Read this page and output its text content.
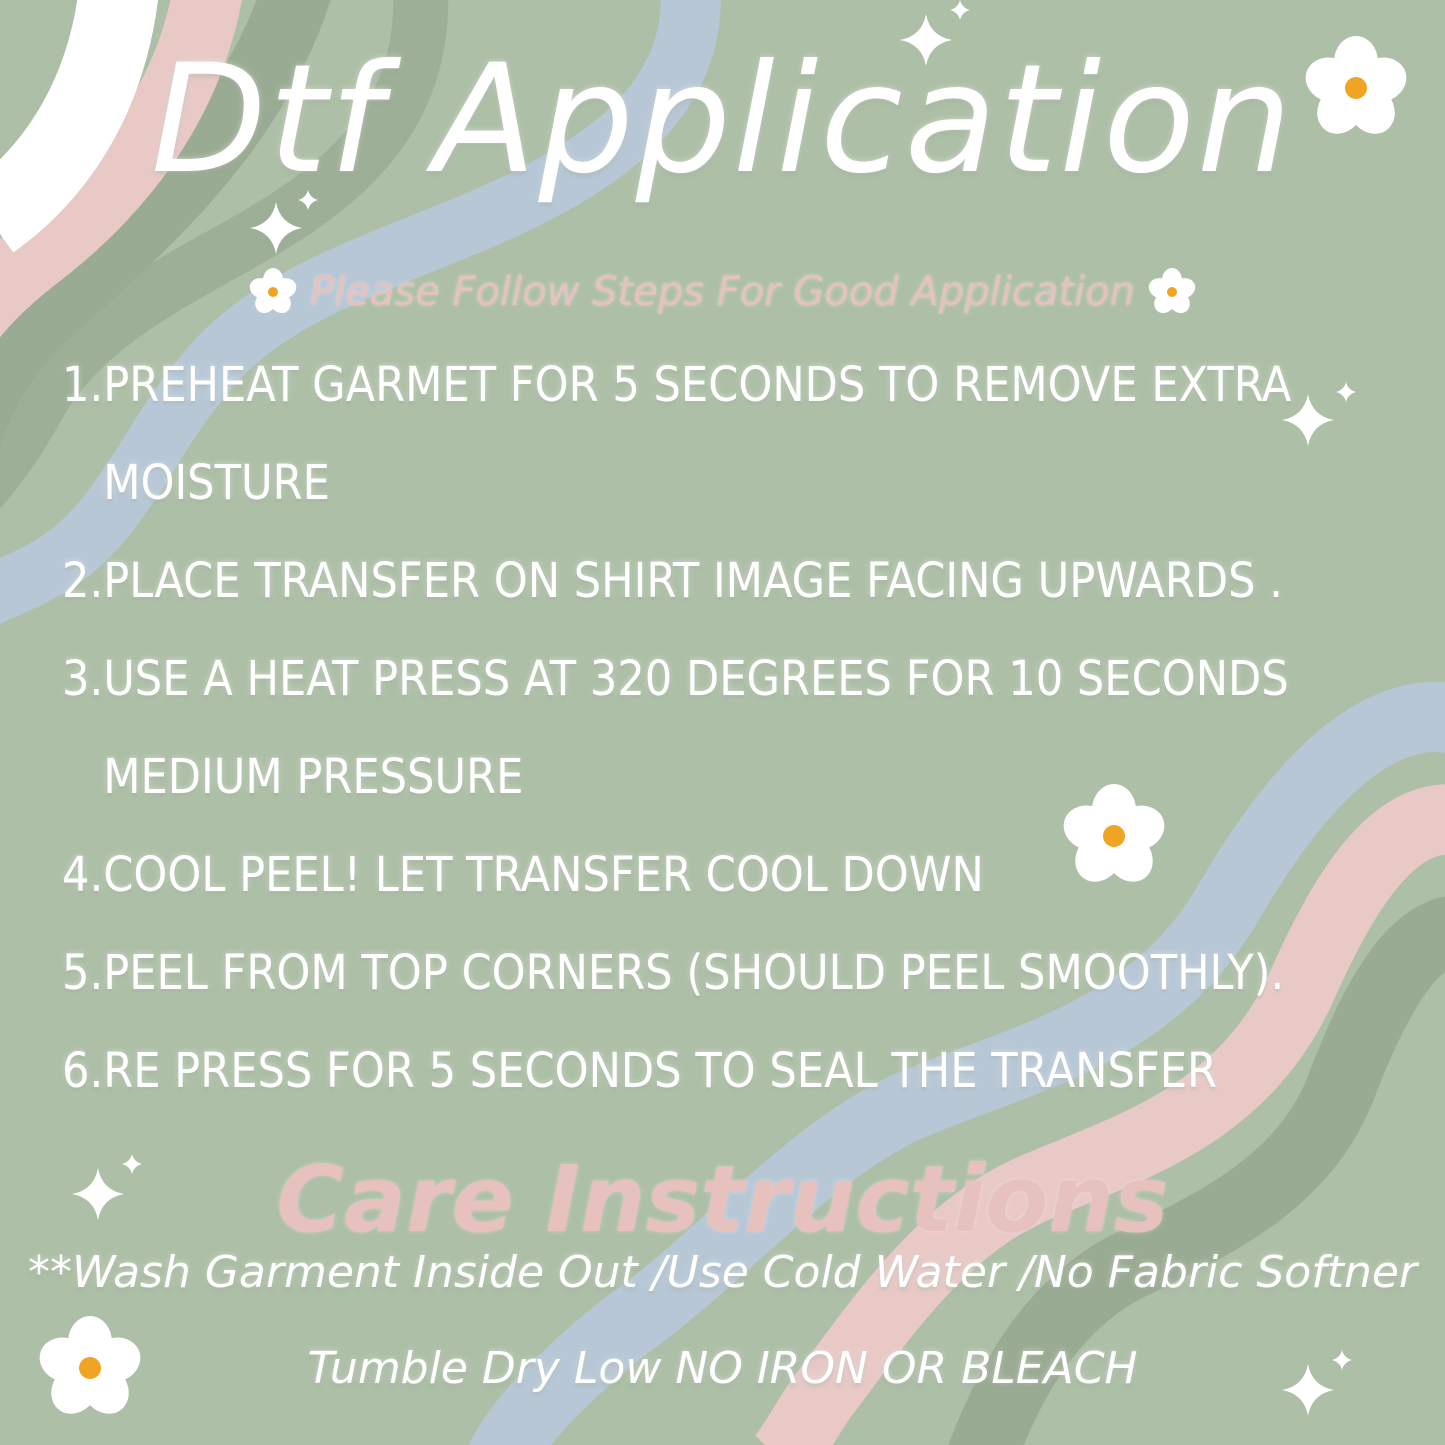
Dtf Application
Please Follow Steps For Good Application
1. PREHEAT GARMET FOR 5 SECONDS TO REMOVE EXTRA MOISTURE
2. PLACE TRANSFER ON SHIRT IMAGE FACING UPWARDS .
3. USE A HEAT PRESS AT 320 DEGREES FOR 10 SECONDS MEDIUM PRESSURE
4. COOL PEEL! LET TRANSFER COOL DOWN
5. PEEL FROM TOP CORNERS (SHOULD PEEL SMOOTHLY).
6. RE PRESS FOR 5 SECONDS TO SEAL THE TRANSFER
Care Instructions

**Wash Garment Inside Out /Use Cold Water /No Fabric Softner

Tumble Dry Low NO IRON OR BLEACH
